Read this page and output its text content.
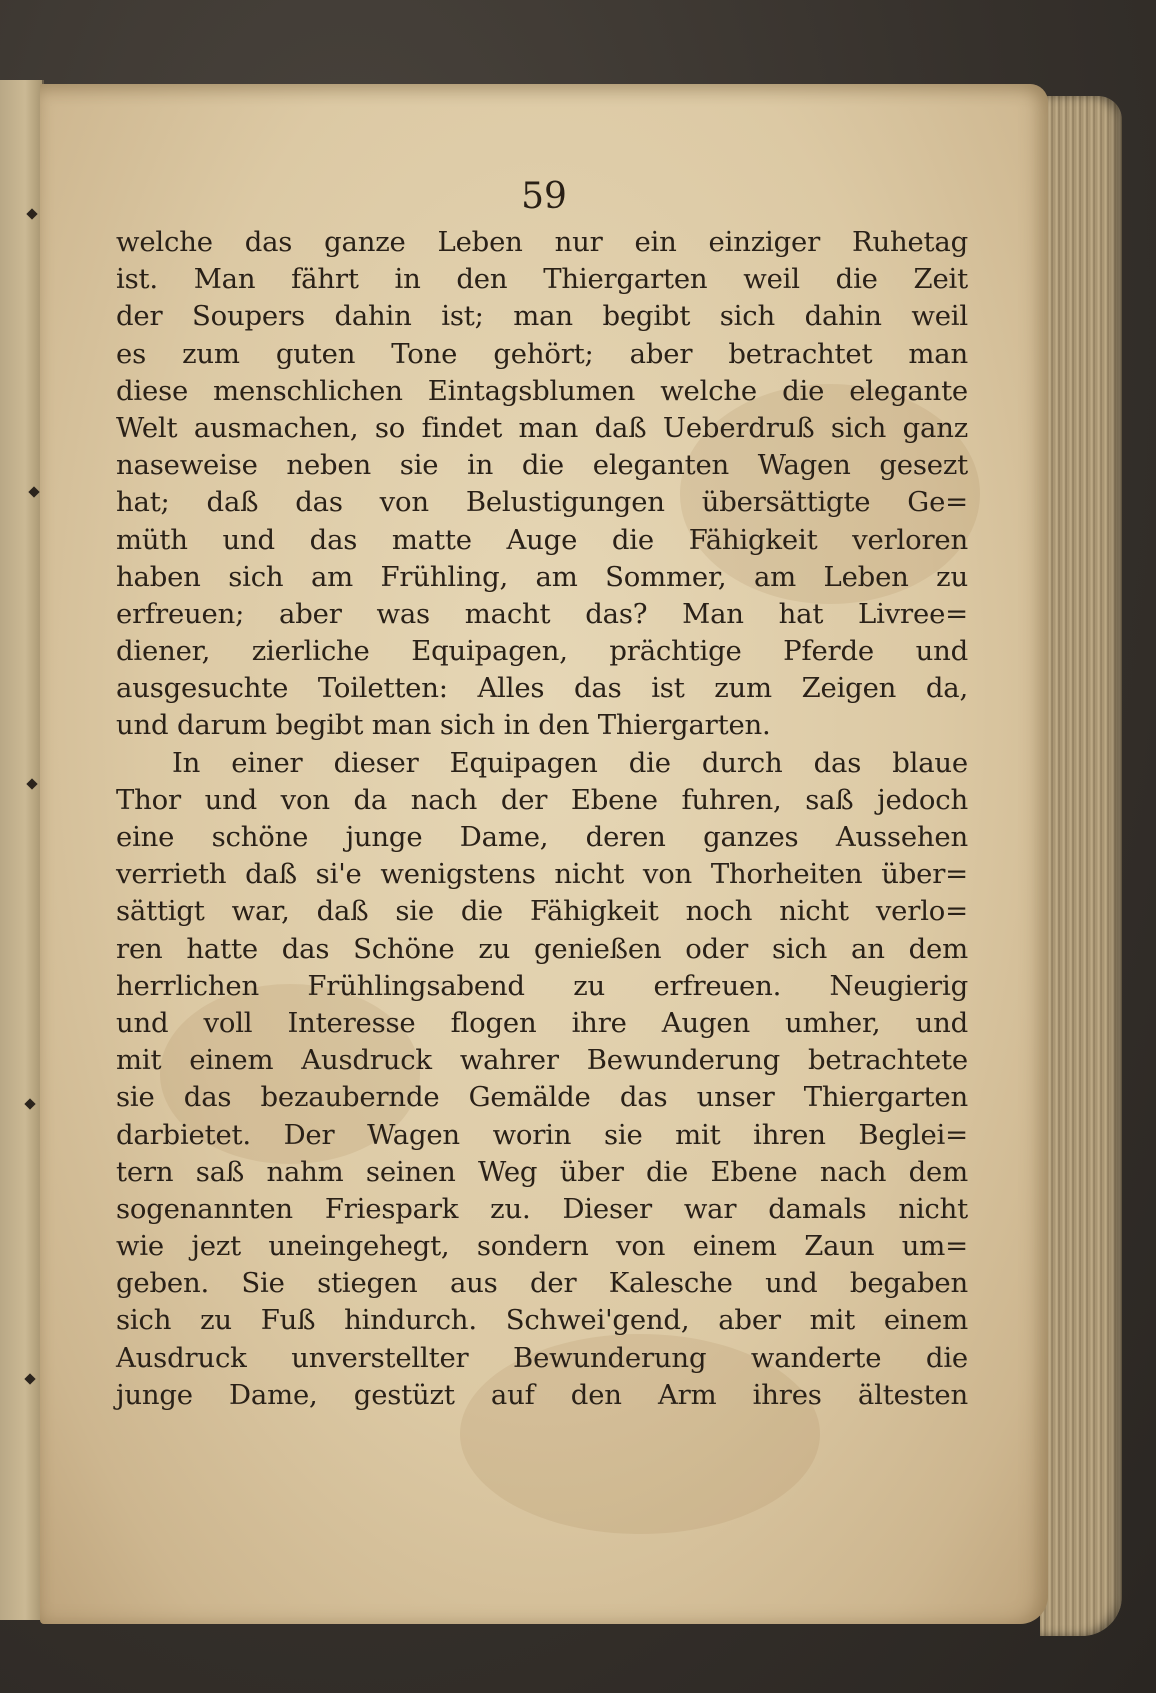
59
welche das ganze Leben nur ein einziger Ruhetag
ist. Man fährt in den Thiergarten weil die Zeit
der Soupers dahin ist; man begibt sich dahin weil
es zum guten Tone gehört; aber betrachtet man
diese menschlichen Eintagsblumen welche die elegante
Welt ausmachen, so findet man daß Ueberdruß sich ganz
naseweise neben sie in die eleganten Wagen gesezt
hat; daß das von Belustigungen übersättigte Ge=
müth und das matte Auge die Fähigkeit verloren
haben sich am Frühling, am Sommer, am Leben zu
erfreuen; aber was macht das? Man hat Livree=
diener, zierliche Equipagen, prächtige Pferde und
ausgesuchte Toiletten: Alles das ist zum Zeigen da,
und darum begibt man sich in den Thiergarten.
In einer dieser Equipagen die durch das blaue
Thor und von da nach der Ebene fuhren, saß jedoch
eine schöne junge Dame, deren ganzes Aussehen
verrieth daß si'e wenigstens nicht von Thorheiten über=
sättigt war, daß sie die Fähigkeit noch nicht verlo=
ren hatte das Schöne zu genießen oder sich an dem
herrlichen Frühlingsabend zu erfreuen. Neugierig
und voll Interesse flogen ihre Augen umher, und
mit einem Ausdruck wahrer Bewunderung betrachtete
sie das bezaubernde Gemälde das unser Thiergarten
darbietet. Der Wagen worin sie mit ihren Beglei=
tern saß nahm seinen Weg über die Ebene nach dem
sogenannten Friespark zu. Dieser war damals nicht
wie jezt uneingehegt, sondern von einem Zaun um=
geben. Sie stiegen aus der Kalesche und begaben
sich zu Fuß hindurch. Schwei'gend, aber mit einem
Ausdruck unverstellter Bewunderung wanderte die
junge Dame, gestüzt auf den Arm ihres ältesten
